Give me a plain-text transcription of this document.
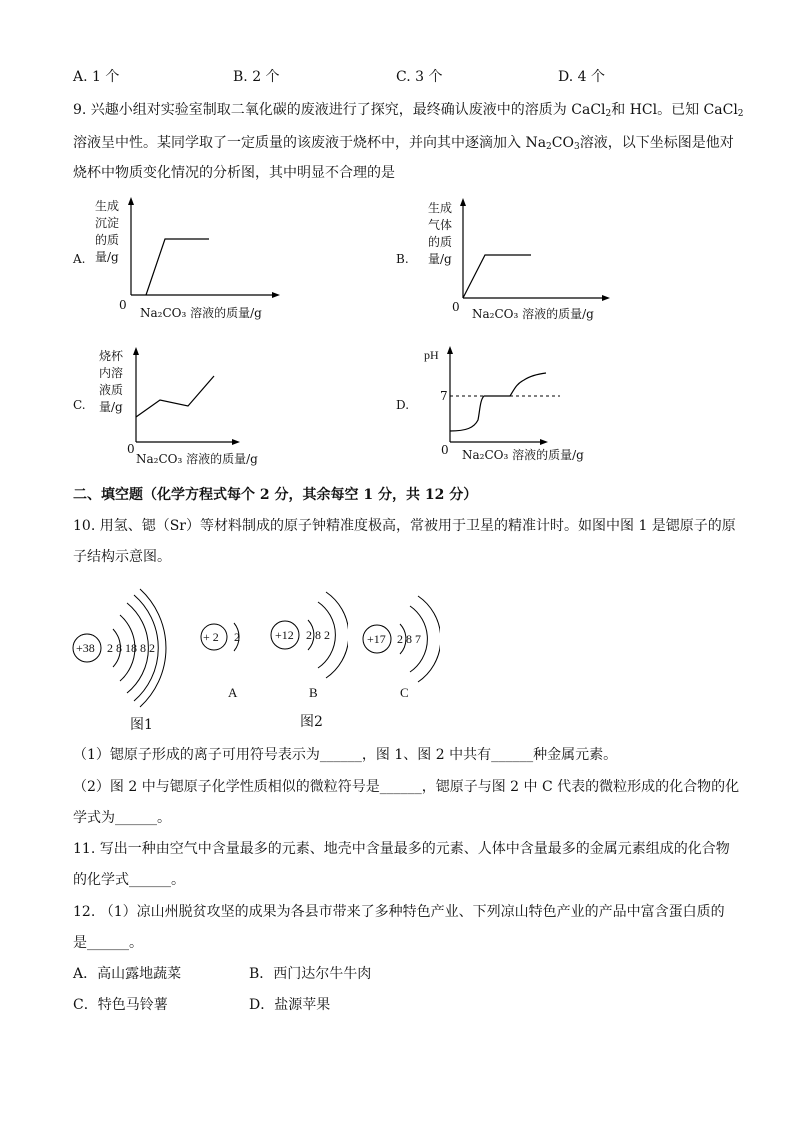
A. 1 个	B. 2 个	C. 3 个	D. 4 个
9. 兴趣小组对实验室制取二氧化碳的废液进行了探究，最终确认废液中的溶质为 CaCl$_2$和 HCl。已知 CaCl$_2$
溶液呈中性。某同学取了一定质量的该废液于烧杯中，并向其中逐滴加入 $Na_2CO_3$溶液，以下坐标图是他对
烧杯中物质变化情况的分析图，其中明显不合理的是
A.
生成
沉淀
的质
量/g
0
Na₂CO₃ 溶液的质量/g
B.
生成
气体
的质
量/g
0 Na₂CO₃ 溶液的质量/g
C.
烧杯
内溶
液质
量/g
0
Na₂CO₃ 溶液的质量/g
D.
pH
7
0 Na₂CO₃ 溶液的质量/g
二、填空题（化学方程式每个 2 分，其余每空 1 分，共 12 分）
10. 用氢、锶（Sr）等材料制成的原子钟精准度极高，常被用于卫星的精准计时。如图中图 1 是锶原子的原
子结构示意图。
+38 2 8 18 8 2
图1
+ 2 2
A
+12 2 8 2
B
+17 2 8 7
C
图2
（1）锶原子形成的离子可用符号表示为______，图 1、图 2 中共有______种金属元素。
（2）图 2 中与锶原子化学性质相似的微粒符号是______，锶原子与图 2 中 C 代表的微粒形成的化合物的化
学式为______。
11. 写出一种由空气中含量最多的元素、地壳中含量最多的元素、人体中含量最多的金属元素组成的化合物
的化学式______。
12. （1）凉山州脱贫攻坚的成果为各县市带来了多种特色产业、下列凉山特色产业的产品中富含蛋白质的
是______。
A．高山露地蔬菜	B．西门达尔牛牛肉
C．特色马铃薯	D．盐源苹果
